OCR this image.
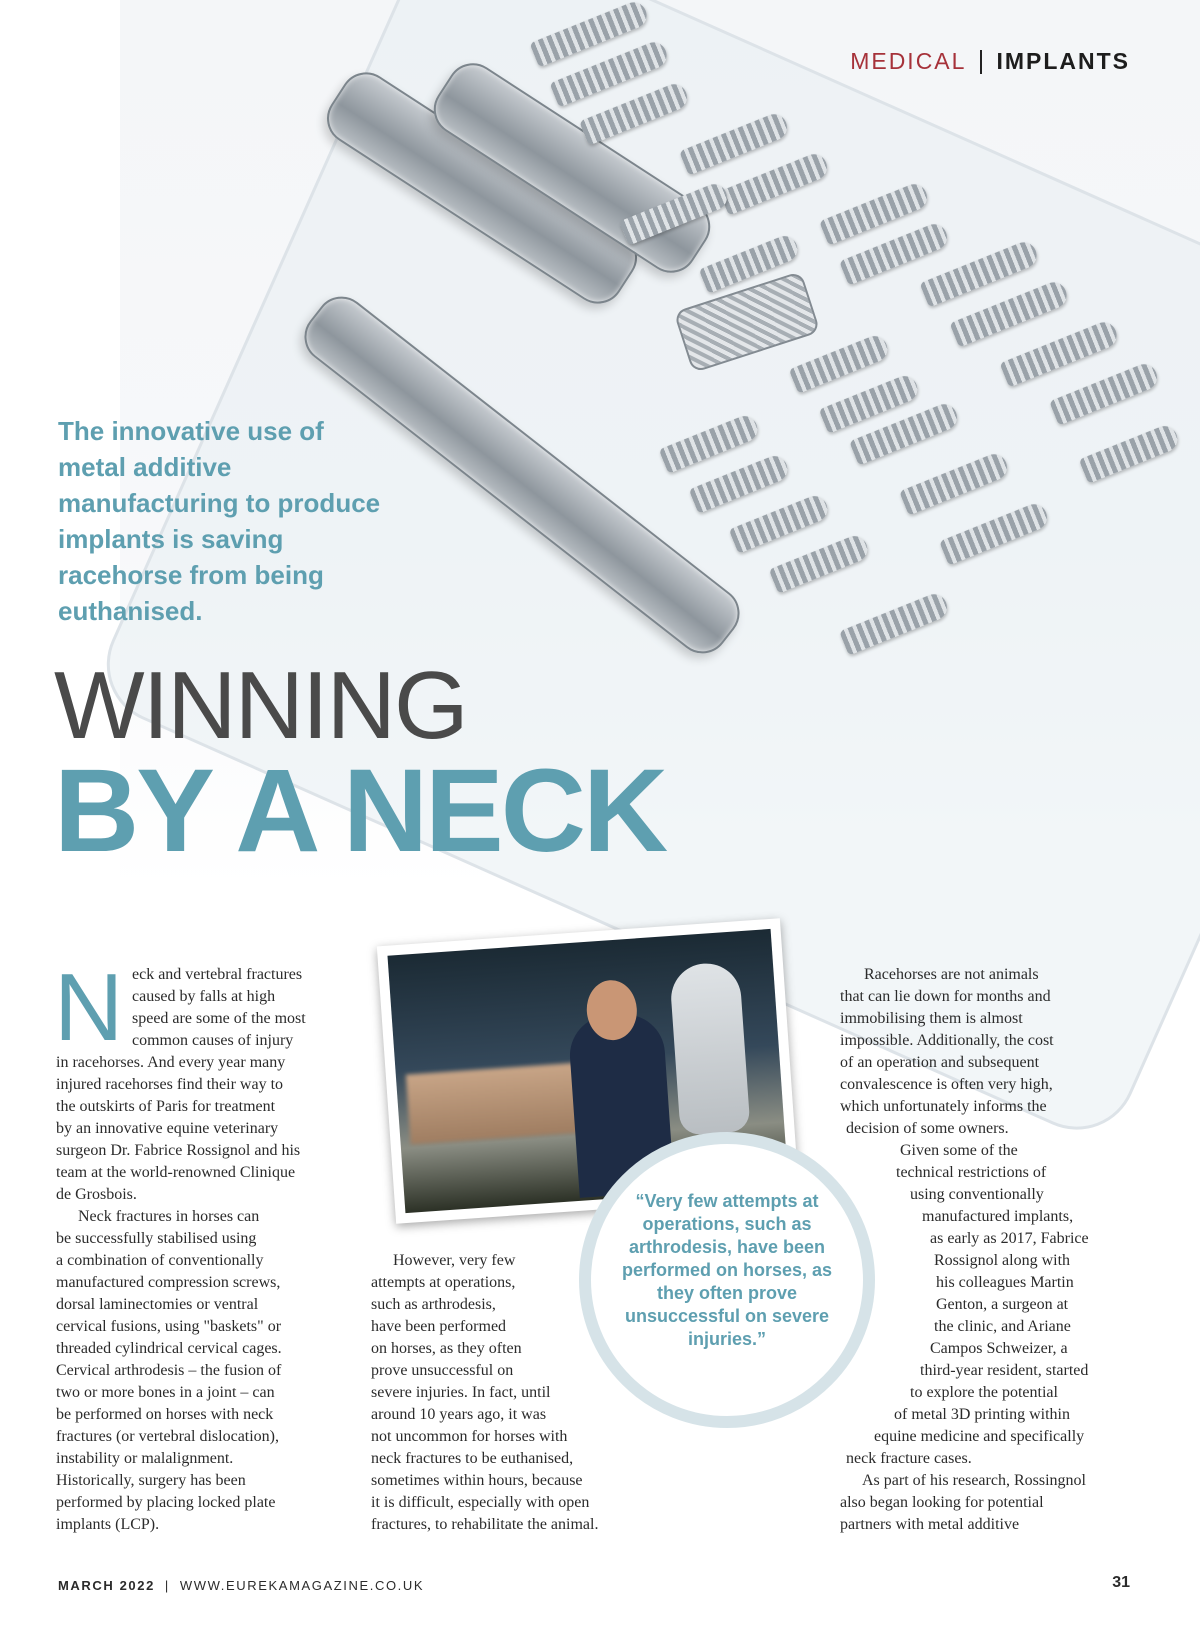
MEDICAL IMPLANTS
The innovative use of metal additive manufacturing to produce implants is saving racehorse from being euthanised.
WINNING
BY A NECK
N eck and vertebral fractures
caused by falls at high
speed are some of the most
common causes of injury
in racehorses. And every year many
injured racehorses find their way to
the outskirts of Paris for treatment
by an innovative equine veterinary
surgeon Dr. Fabrice Rossignol and his
team at the world-renowned Clinique
de Grosbois.
Neck fractures in horses can
be successfully stabilised using
a combination of conventionally
manufactured compression screws,
dorsal laminectomies or ventral
cervical fusions, using "baskets" or
threaded cylindrical cervical cages.
Cervical arthrodesis – the fusion of
two or more bones in a joint – can
be performed on horses with neck
fractures (or vertebral dislocation),
instability or malalignment.
Historically, surgery has been
performed by placing locked plate
implants (LCP).
However, very few
attempts at operations,
such as arthrodesis,
have been performed
on horses, as they often
prove unsuccessful on
severe injuries. In fact, until
around 10 years ago, it was
not uncommon for horses with
neck fractures to be euthanised,
sometimes within hours, because
it is difficult, especially with open
fractures, to rehabilitate the animal.
“Very few attempts at operations, such as arthrodesis, have been performed on horses, as they often prove unsuccessful on severe injuries.”
Racehorses are not animals
that can lie down for months and
immobilising them is almost
impossible. Additionally, the cost
of an operation and subsequent
convalescence is often very high,
which unfortunately informs the
decision of some owners.
Given some of the
technical restrictions of
using conventionally
manufactured implants,
as early as 2017, Fabrice
Rossignol along with
his colleagues Martin
Genton, a surgeon at
the clinic, and Ariane
Campos Schweizer, a
third-year resident, started
to explore the potential
of metal 3D printing within
equine medicine and specifically
neck fracture cases.
As part of his research, Rossingnol
also began looking for potential
partners with metal additive
MARCH 2022 | WWW.EUREKAMAGAZINE.CO.UK	31
